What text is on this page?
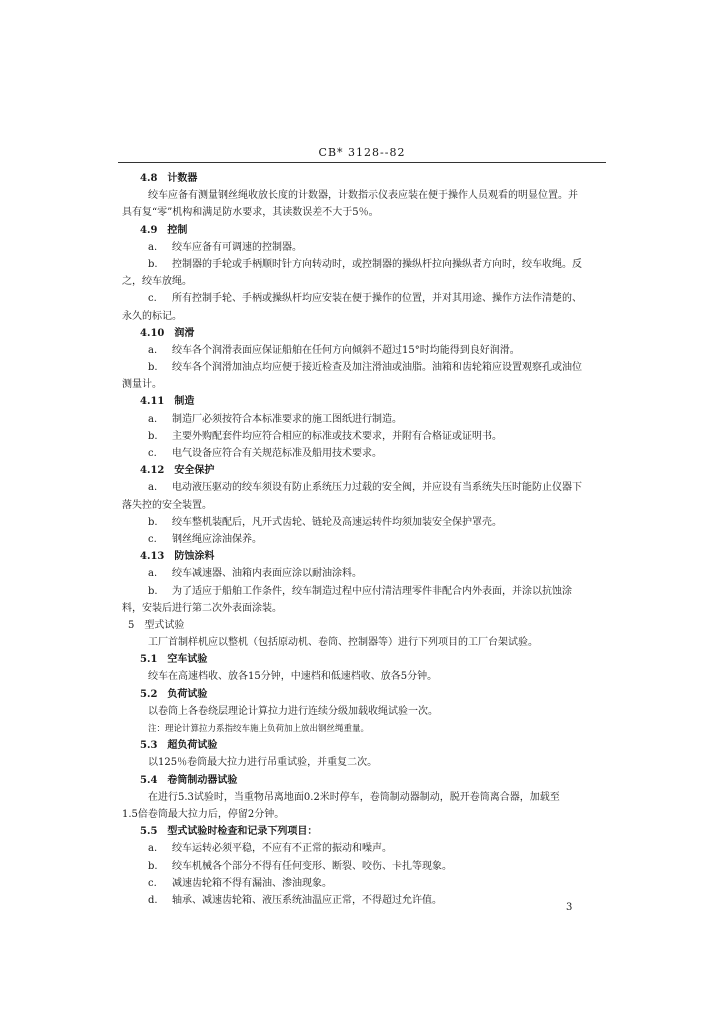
CB* 3128--82
4.8 计数器
绞车应备有测量钢丝绳收放长度的计数器，计数指示仪表应装在便于操作人员观看的明显位置。并
具有复“零”机构和满足防水要求，其读数误差不大于5％。
4.9 控制
a. 绞车应备有可调速的控制器。
b. 控制器的手轮或手柄顺时针方向转动时，或控制器的操纵杆拉向操纵者方向时，绞车收绳。反
之，绞车放绳。
c. 所有控制手轮、手柄或操纵杆均应安装在便于操作的位置，并对其用途、操作方法作清楚的、
永久的标记。
4.10 润滑
a. 绞车各个润滑表面应保证船舶在任何方向倾斜不超过15°时均能得到良好润滑。
b. 绞车各个润滑加油点均应便于接近检查及加注滑油或油脂。油箱和齿轮箱应设置观察孔或油位
测量计。
4.11 制造
a. 制造厂必须按符合本标准要求的施工图纸进行制造。
b. 主要外购配套件均应符合相应的标准或技术要求，并附有合格证或证明书。
c. 电气设备应符合有关规范标准及船用技术要求。
4.12 安全保护
a. 电动液压驱动的绞车须设有防止系统压力过载的安全阀，并应设有当系统失压时能防止仪器下
落失控的安全装置。
b. 绞车整机装配后，凡开式齿轮、链轮及高速运转件均须加装安全保护罩壳。
c. 钢丝绳应涂油保养。
4.13 防蚀涂料
a. 绞车减速器、油箱内表面应涂以耐油涂料。
b. 为了适应于船舶工作条件，绞车制造过程中应付清洁理零件非配合内外表面，并涂以抗蚀涂
料，安装后进行第二次外表面涂装。
5 型式试验
工厂首制样机应以整机（包括原动机、卷筒、控制器等）进行下列项目的工厂台架试验。
5.1 空车试验
绞车在高速档收、放各15分钟，中速档和低速档收、放各5分钟。
5.2 负荷试验
以卷筒上各卷绕层理论计算拉力进行连续分级加载收绳试验一次。
注：理论计算拉力系指绞车施上负荷加上放出钢丝绳重量。
5.3 超负荷试验
以125％卷筒最大拉力进行吊重试验，并重复二次。
5.4 卷筒制动器试验
在进行5.3试验时，当重物吊离地面0.2米时停车，卷筒制动器制动，脱开卷筒离合器，加载至
1.5倍卷筒最大拉力后，停留2分钟。
5.5 型式试验时检查和记录下列项目：
a. 绞车运转必须平稳，不应有不正常的振动和噪声。
b. 绞车机械各个部分不得有任何变形、断裂、咬伤、卡扎等现象。
c. 减速齿轮箱不得有漏油、渗油现象。
d. 轴承、减速齿轮箱、液压系统油温应正常，不得超过允许值。
3
